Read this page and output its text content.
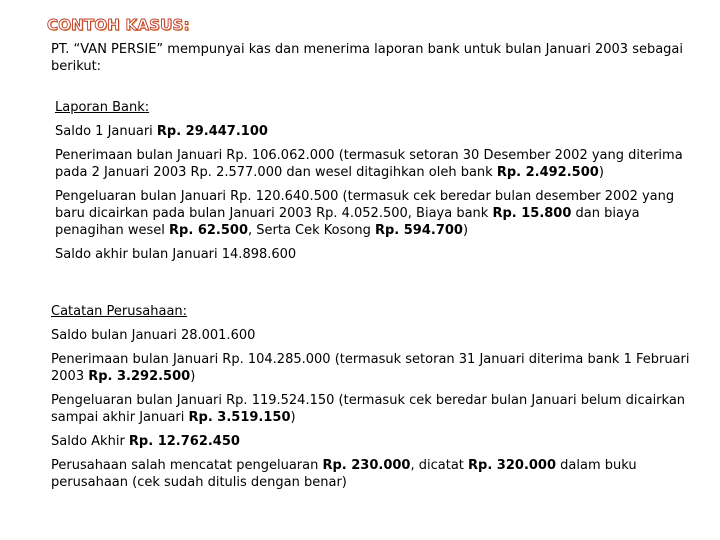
CONTOH KASUS:

PT. “VAN PERSIE” mempunyai kas dan menerima laporan bank untuk bulan Januari 2003 sebagai berikut:

Laporan Bank:

Saldo 1 Januari Rp. 29.447.100

Penerimaan bulan Januari Rp. 106.062.000 (termasuk setoran 30 Desember 2002 yang diterima pada 2 Januari 2003 Rp. 2.577.000 dan wesel ditagihkan oleh bank Rp. 2.492.500)

Pengeluaran bulan Januari Rp. 120.640.500 (termasuk cek beredar bulan desember 2002 yang baru dicairkan pada bulan Januari 2003 Rp. 4.052.500, Biaya bank Rp. 15.800 dan biaya penagihan wesel Rp. 62.500, Serta Cek Kosong Rp. 594.700)

Saldo akhir bulan Januari 14.898.600

Catatan Perusahaan:

Saldo bulan Januari 28.001.600

Penerimaan bulan Januari Rp. 104.285.000 (termasuk setoran 31 Januari diterima bank 1 Februari 2003 Rp. 3.292.500)

Pengeluaran bulan Januari Rp. 119.524.150 (termasuk cek beredar bulan Januari belum dicairkan sampai akhir Januari Rp. 3.519.150)

Saldo Akhir Rp. 12.762.450

Perusahaan salah mencatat pengeluaran Rp. 230.000, dicatat Rp. 320.000 dalam buku perusahaan (cek sudah ditulis dengan benar)
